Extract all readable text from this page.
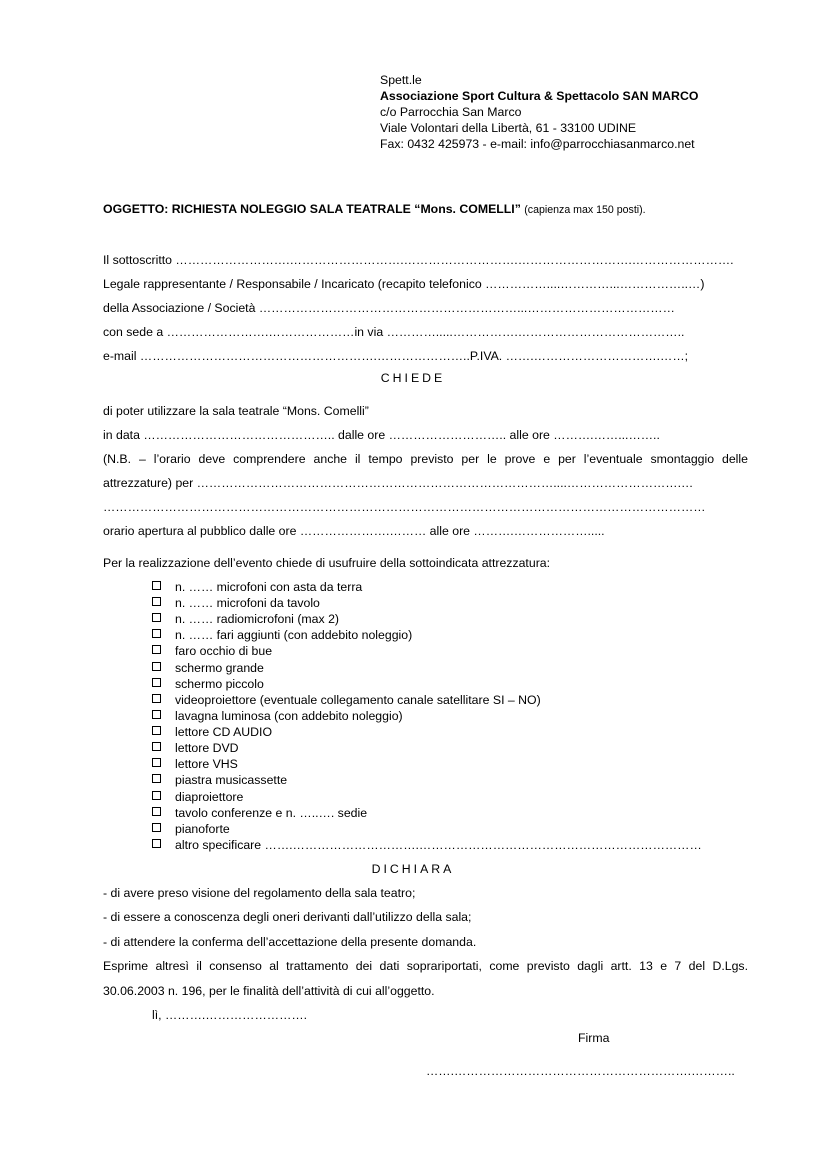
Spett.le
Associazione Sport Cultura & Spettacolo SAN MARCO
c/o Parrocchia San Marco
Viale Volontari della Libertà, 61 - 33100 UDINE
Fax: 0432 425973 - e-mail: info@parrocchiasanmarco.net
OGGETTO: RICHIESTA NOLEGGIO SALA TEATRALE “Mons. COMELLI” (capienza max 150 posti).
Il sottoscritto ……………………….……………………….……………………….……………………….…………………….
Legale rappresentante / Responsabile / Incaricato (recapito telefonico ……………....…………...……………..…)
della Associazione / Società ………………………………………………………...………………………………
con sede a …………………….…………………in via ………….....…………….…………………………………..
e-mail ………………………………………………….…………………..P.IVA. …….………………………….……;
CHIEDE
di poter utilizzare la sala teatrale “Mons. Comelli”
in data ……………………………………….. dalle ore ……………………….. alle ore ……….……...……..
(N.B. – l’orario deve comprendere anche il tempo previsto per le prove e per l’eventuale smontaggio delle
attrezzature) per ……………………………………………………………………………....……………………….…
…………………………………………………………………………………………………………………………………
orario apertura al pubblico dalle ore ………………….……… alle ore ……….……………….....
Per la realizzazione dell’evento chiede di usufruire della sottoindicata attrezzatura:
n. …… microfoni con asta da terra
n. …… microfoni da tavolo
n. …… radiomicrofoni (max 2)
n. …… fari aggiunti (con addebito noleggio)
faro occhio di bue
schermo grande
schermo piccolo
videoproiettore (eventuale collegamento canale satellitare SI – NO)
lavagna luminosa (con addebito noleggio)
lettore CD AUDIO
lettore DVD
lettore VHS
piastra musicassette
diaproiettore
tavolo conferenze e n. …..…. sedie
pianoforte
altro specificare …….………………………….……………………………………………………………
DICHIARA
- di avere preso visione del regolamento della sala teatro;
- di essere a conoscenza degli oneri derivanti dall’utilizzo della sala;
- di attendere la conferma dell’accettazione della presente domanda.
Esprime altresì il consenso al trattamento dei dati soprariportati, come previsto dagli artt. 13 e 7 del D.Lgs.
30.06.2003 n. 196, per le finalità dell’attività di cui all’oggetto.
lì, ……….…………………….
Firma
…….………………………………………………….………..
